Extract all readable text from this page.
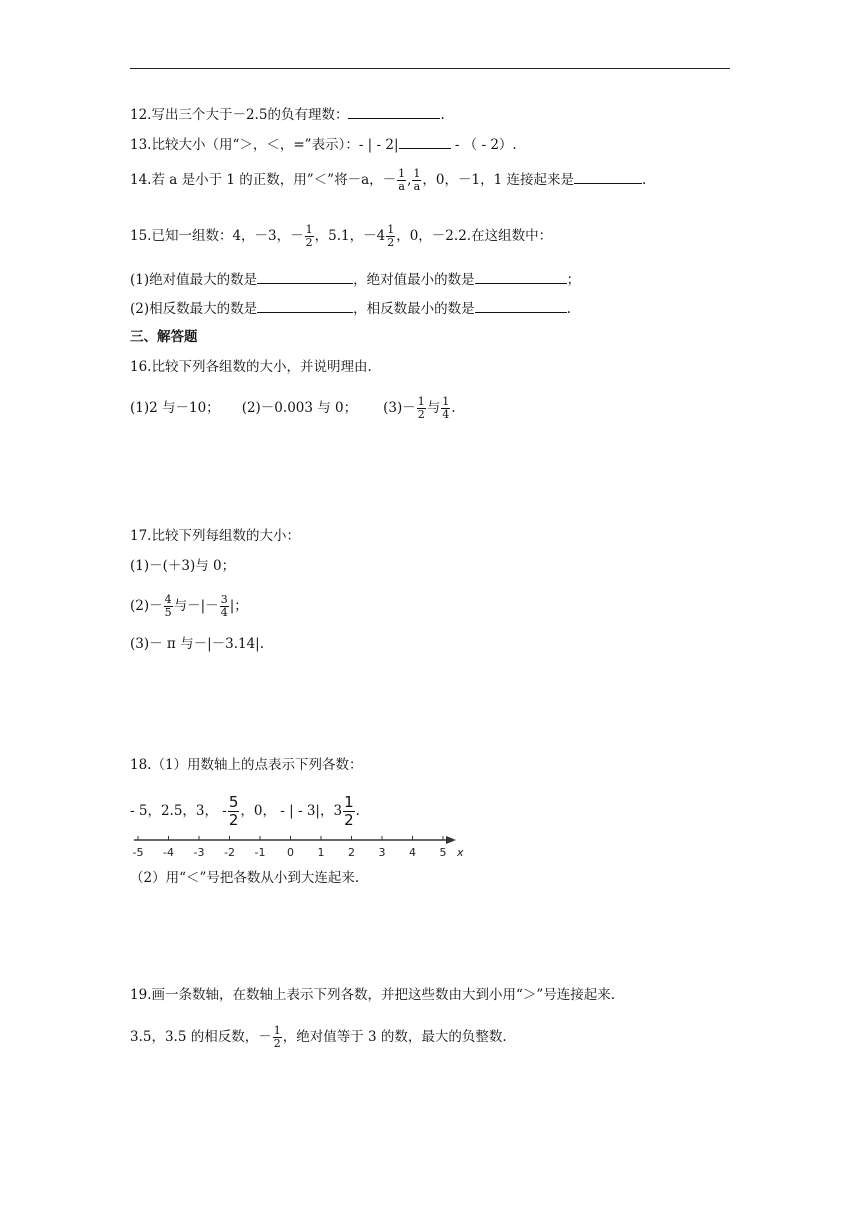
12.写出三个大于－2.5的负有理数：	.
13.比较大小（用“＞，＜，=”表示）：- | - 2|	- （ - 2）.
14.若 a 是小于 1 的正数，用”＜”将－a，－ $\frac{1}{a}$ , $\frac{1}{a}$ ，0，－1，1 连接起来是	.
15.已知一组数：4，－3，－ $\frac{1}{2}$ ，5.1，$-4 \frac{1}{2}$ ，0，－2.2.在这组数中：
(1)绝对值最大的数是	，绝对值最小的数是	；
(2)相反数最大的数是	，相反数最小的数是	.
三、解答题
16.比较下列各组数的大小，并说明理由.
(1)2 与－10； (2)－0.003 与 0； $(3)- \frac{1}{2}$ 与 $\frac{1}{4}$ .
17.比较下列每组数的大小：
(1)－(＋3)与 0；
$(2)- \frac{4}{5}$ 与－|－ $\frac{3}{4}$ |；
(3)－ π 与－|－3.14|.
18.（1）用数轴上的点表示下列各数：
- 5，2.5，3， - $\frac{5}{2}$ ，0， - | - 3|，$3 \frac{1}{2}$ .
-5 -4 -3 -2 -1 0 1 2 3 4 5 x
（2）用“＜”号把各数从小到大连起来.
19.画一条数轴，在数轴上表示下列各数，并把这些数由大到小用“＞”号连接起来.
3.5，3.5 的相反数，－ $\frac{1}{2}$ ，绝对值等于 3 的数，最大的负整数.
